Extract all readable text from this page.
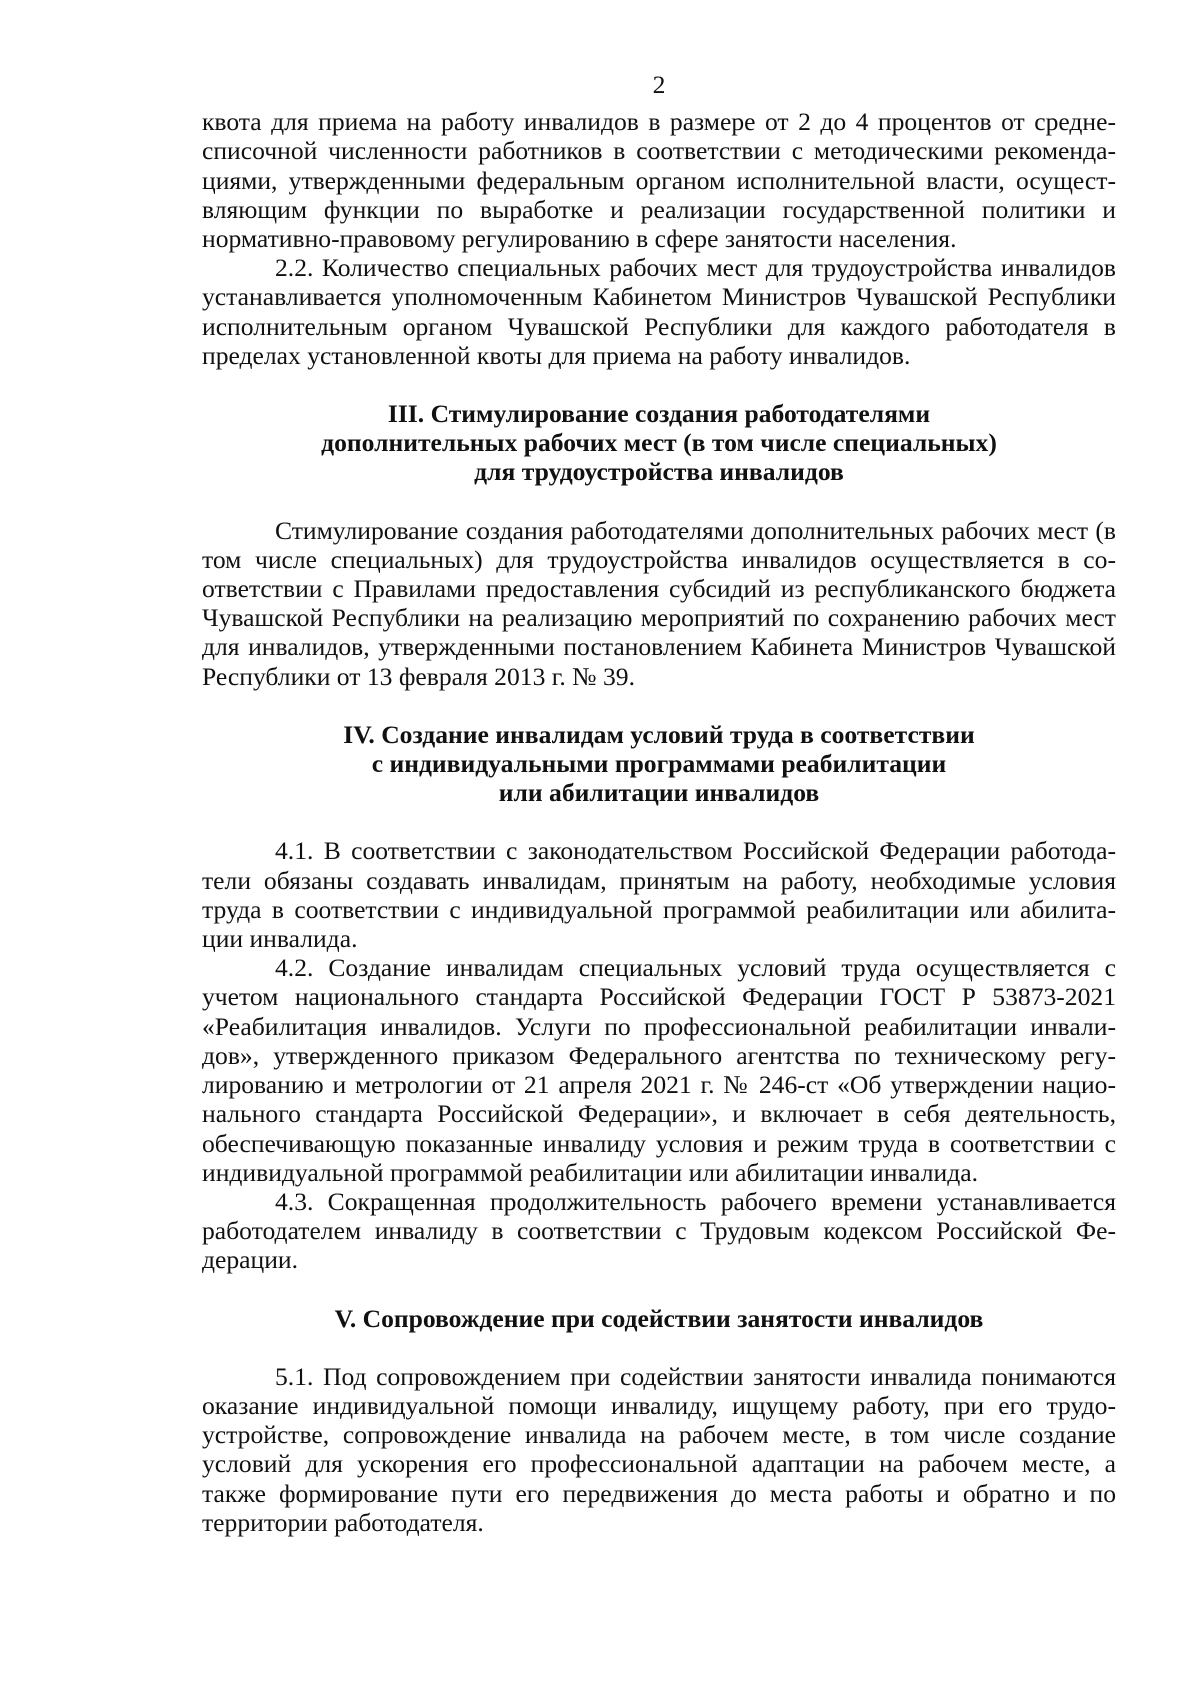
2

квота для приема на работу инвалидов в размере от 2 до 4 процентов от среднесписочной численности работников в соответствии с методическими рекомендациями, утвержденными федеральным органом исполнительной власти, осуществляющим функции по выработке и реализации государственной политики и нормативно-правовому регулированию в сфере занятости населения.

2.2. Количество специальных рабочих мест для трудоустройства инвалидов устанавливается уполномоченным Кабинетом Министров Чувашской Республики исполнительным органом Чувашской Республики для каждого работодателя в пределах установленной квоты для приема на работу инвалидов.

III. Стимулирование создания работодателями
дополнительных рабочих мест (в том числе специальных)
для трудоустройства инвалидов

Стимулирование создания работодателями дополнительных рабочих мест (в том числе специальных) для трудоустройства инвалидов осуществляется в соответствии с Правилами предоставления субсидий из республиканского бюджета Чувашской Республики на реализацию мероприятий по сохранению рабочих мест для инвалидов, утвержденными постановлением Кабинета Министров Чувашской Республики от 13 февраля 2013 г. № 39.

IV. Создание инвалидам условий труда в соответствии
с индивидуальными программами реабилитации
или абилитации инвалидов

4.1. В соответствии с законодательством Российской Федерации работодатели обязаны создавать инвалидам, принятым на работу, необходимые условия труда в соответствии с индивидуальной программой реабилитации или абилитации инвалида.

4.2. Создание инвалидам специальных условий труда осуществляется с учетом национального стандарта Российской Федерации ГОСТ Р 53873-2021 «Реабилитация инвалидов. Услуги по профессиональной реабилитации инвалидов», утвержденного приказом Федерального агентства по техническому регулированию и метрологии от 21 апреля 2021 г. № 246-ст «Об утверждении национального стандарта Российской Федерации», и включает в себя деятельность, обеспечивающую показанные инвалиду условия и режим труда в соответствии с индивидуальной программой реабилитации или абилитации инвалида.

4.3. Сокращенная продолжительность рабочего времени устанавливается работодателем инвалиду в соответствии с Трудовым кодексом Российской Федерации.

V. Сопровождение при содействии занятости инвалидов

5.1. Под сопровождением при содействии занятости инвалида понимаются оказание индивидуальной помощи инвалиду, ищущему работу, при его трудоустройстве, сопровождение инвалида на рабочем месте, в том числе создание условий для ускорения его профессиональной адаптации на рабочем месте, а также формирование пути его передвижения до места работы и обратно и по территории работодателя.
